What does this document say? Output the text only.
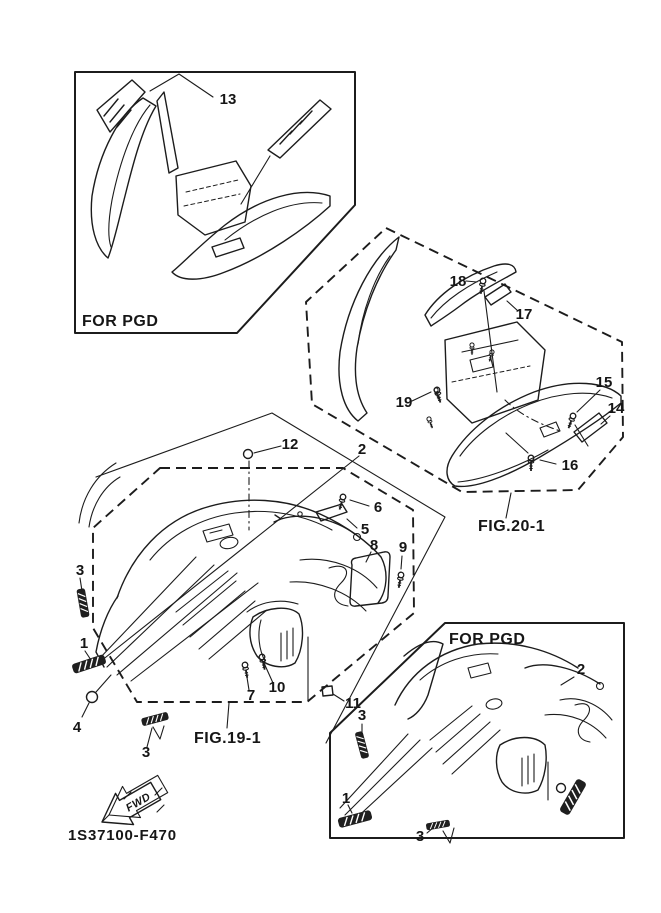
13
FOR PGD
18
17
19
15
14
16
FIG.20-1
12	2
6
5
8 9
3
1
4
7 10
11
3
FIG.19-1
2
1
3
3
FOR PGD
FWD
1S37100-F470
